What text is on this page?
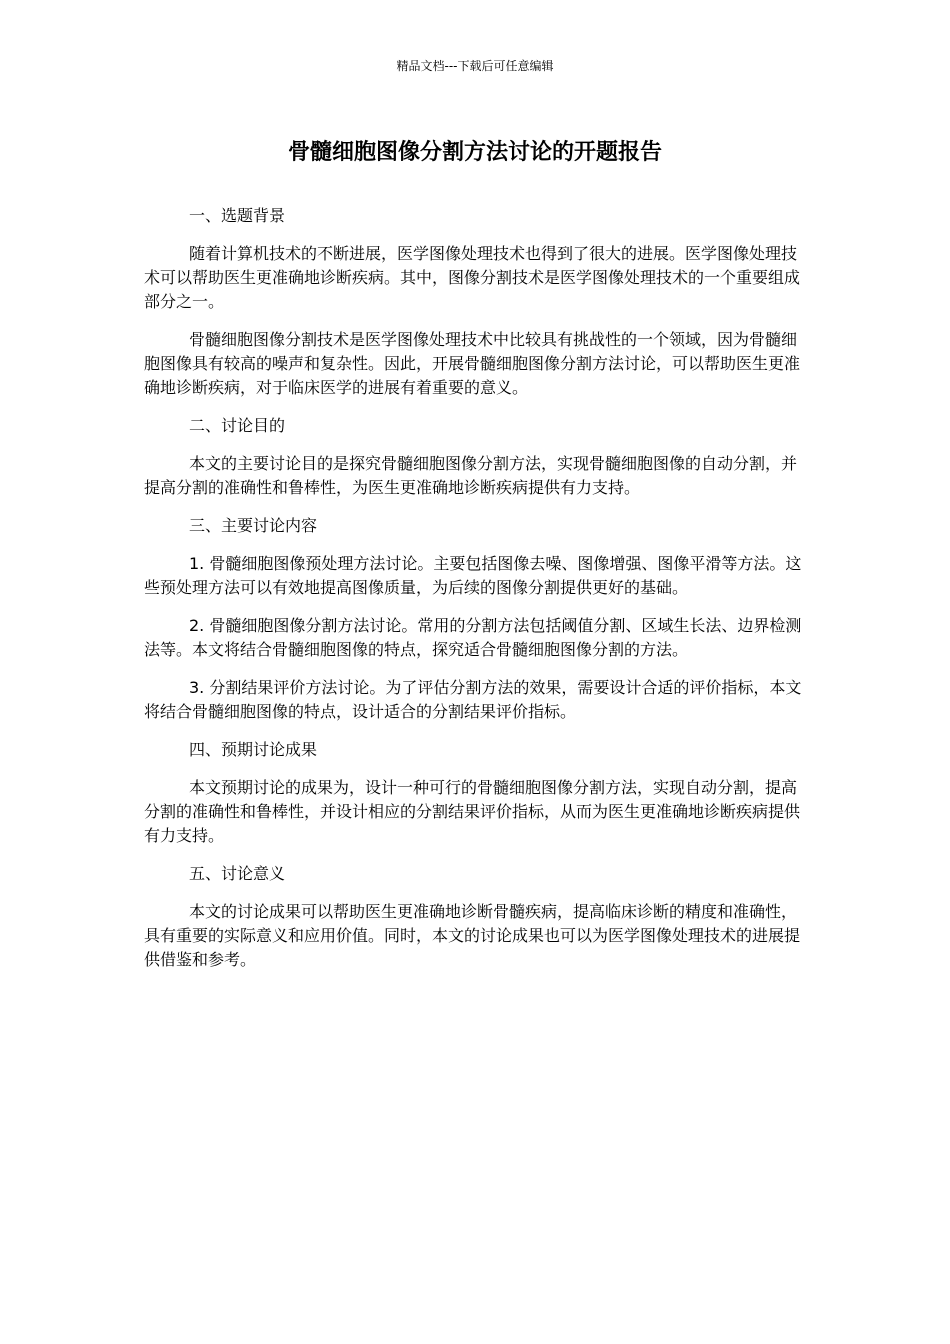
精品文档---下载后可任意编辑
骨髓细胞图像分割方法讨论的开题报告

一、选题背景

随着计算机技术的不断进展，医学图像处理技术也得到了很大的进展。医学图像处理技术可以帮助医生更准确地诊断疾病。其中，图像分割技术是医学图像处理技术的一个重要组成部分之一。

骨髓细胞图像分割技术是医学图像处理技术中比较具有挑战性的一个领域，因为骨髓细胞图像具有较高的噪声和复杂性。因此，开展骨髓细胞图像分割方法讨论，可以帮助医生更准确地诊断疾病，对于临床医学的进展有着重要的意义。

二、讨论目的

本文的主要讨论目的是探究骨髓细胞图像分割方法，实现骨髓细胞图像的自动分割，并提高分割的准确性和鲁棒性，为医生更准确地诊断疾病提供有力支持。

三、主要讨论内容

1. 骨髓细胞图像预处理方法讨论。主要包括图像去噪、图像增强、图像平滑等方法。这些预处理方法可以有效地提高图像质量，为后续的图像分割提供更好的基础。

2. 骨髓细胞图像分割方法讨论。常用的分割方法包括阈值分割、区域生长法、边界检测法等。本文将结合骨髓细胞图像的特点，探究适合骨髓细胞图像分割的方法。

3. 分割结果评价方法讨论。为了评估分割方法的效果，需要设计合适的评价指标，本文将结合骨髓细胞图像的特点，设计适合的分割结果评价指标。

四、预期讨论成果

本文预期讨论的成果为，设计一种可行的骨髓细胞图像分割方法，实现自动分割，提高分割的准确性和鲁棒性，并设计相应的分割结果评价指标，从而为医生更准确地诊断疾病提供有力支持。

五、讨论意义

本文的讨论成果可以帮助医生更准确地诊断骨髓疾病，提高临床诊断的精度和准确性，具有重要的实际意义和应用价值。同时，本文的讨论成果也可以为医学图像处理技术的进展提供借鉴和参考。
